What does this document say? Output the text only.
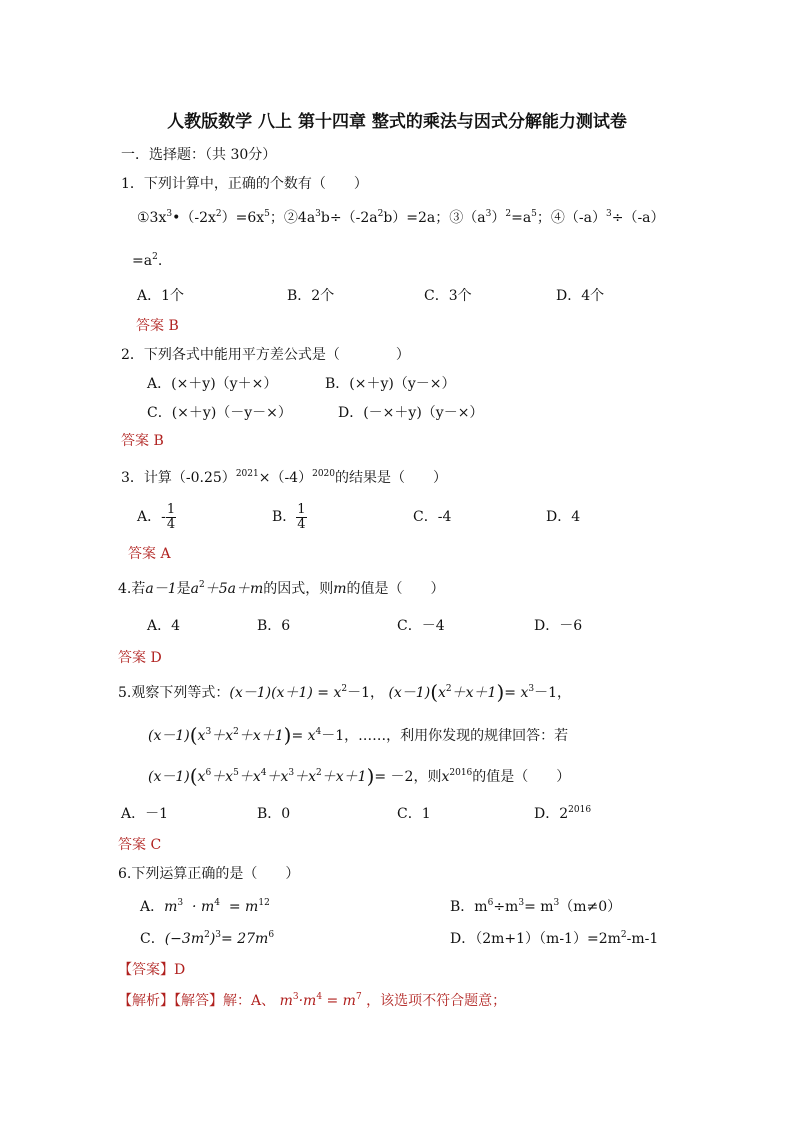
人教版数学 八上 第十四章 整式的乘法与因式分解能力测试卷
一．选择题：（共 30分）
1．下列计算中，正确的个数有（　　）
$①3x^3•(-2x^2)=6x^5$；$②4a^3b\div(-2a^2b)=2a$；$③(a^3)^2=a^5$；$④(-a)^3\div(-a)$
$=a^2$.
A．1个	B．2个	C．3个	D．4个
答案 B
2．下列各式中能用平方差公式是（　　　　）
A．(×＋y)（y＋×）	B．(×＋y)（y－×）
C．(×＋y)（－y－×）	D．(－×＋y)（y－×）
答案 B
3．计算$(-0.25)^{2021}\times(-4)^{2020}$的结果是（　　）
A．- $\frac{1}{4}$	B． $\frac{1}{4}$	C．-4	D．4
答案 A
4.若a－1是$a^2+5a+m$的因式，则m的值是（　　）
A．4	B．6	C．－4	D．－6
答案 D
5.观察下列等式：$(x-1)(x+1) = x^2-1$， $(x-1)(x^2+x+1)= x^3-1$，
$(x-1)(x^3+x^2+x+1)= x^4-1$，……，利用你发现的规律回答：若
$(x-1)(x^6+x^5+x^4+x^3+x^2+x+1)= -2$，则$x^{2016}$的值是（　　）
A．－1	B．0	C．1	D．$2^{2016}$
答案 C
6.下列运算正确的是（　　）
A．$m^3 \cdot m^4 = m^{12}$	B．$m^6\div m^3= m^3(m\ne 0)$
C．$(-3m^2)^3= 27m^6$	D．$(2m+1)(m-1)=2m^2-m-1$
【答案】D
【解析】【解答】解：A、 $m^3\cdot m^4 = m^7$ ，该选项不符合题意；
